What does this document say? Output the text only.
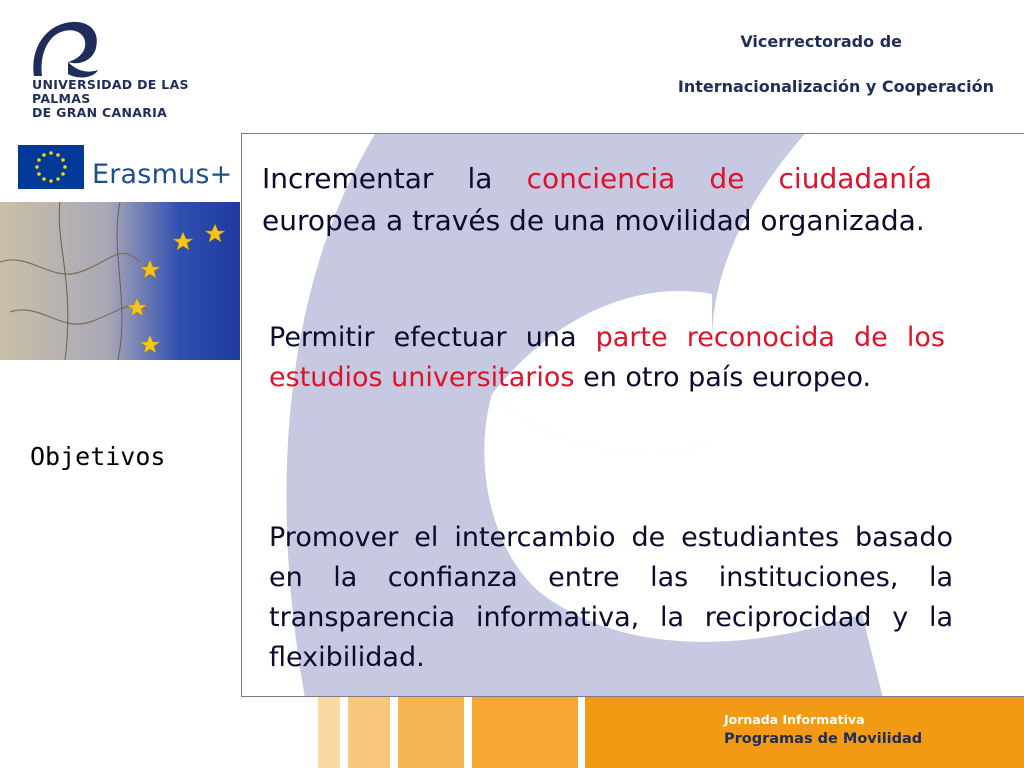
UNIVERSIDAD DE LAS PALMAS
DE GRAN CANARIA
Vicerrectorado de
Internacionalización y Cooperación
Erasmus+
Objetivos
Incrementar la conciencia de ciudadanía europea a través de una movilidad organizada.
Permitir efectuar una parte reconocida de los estudios universitarios en otro país europeo.
Promover el intercambio de estudiantes basado en la confianza entre las instituciones, la transparencia informativa, la reciprocidad y la flexibilidad.
Jornada Informativa
Programas de Movilidad
